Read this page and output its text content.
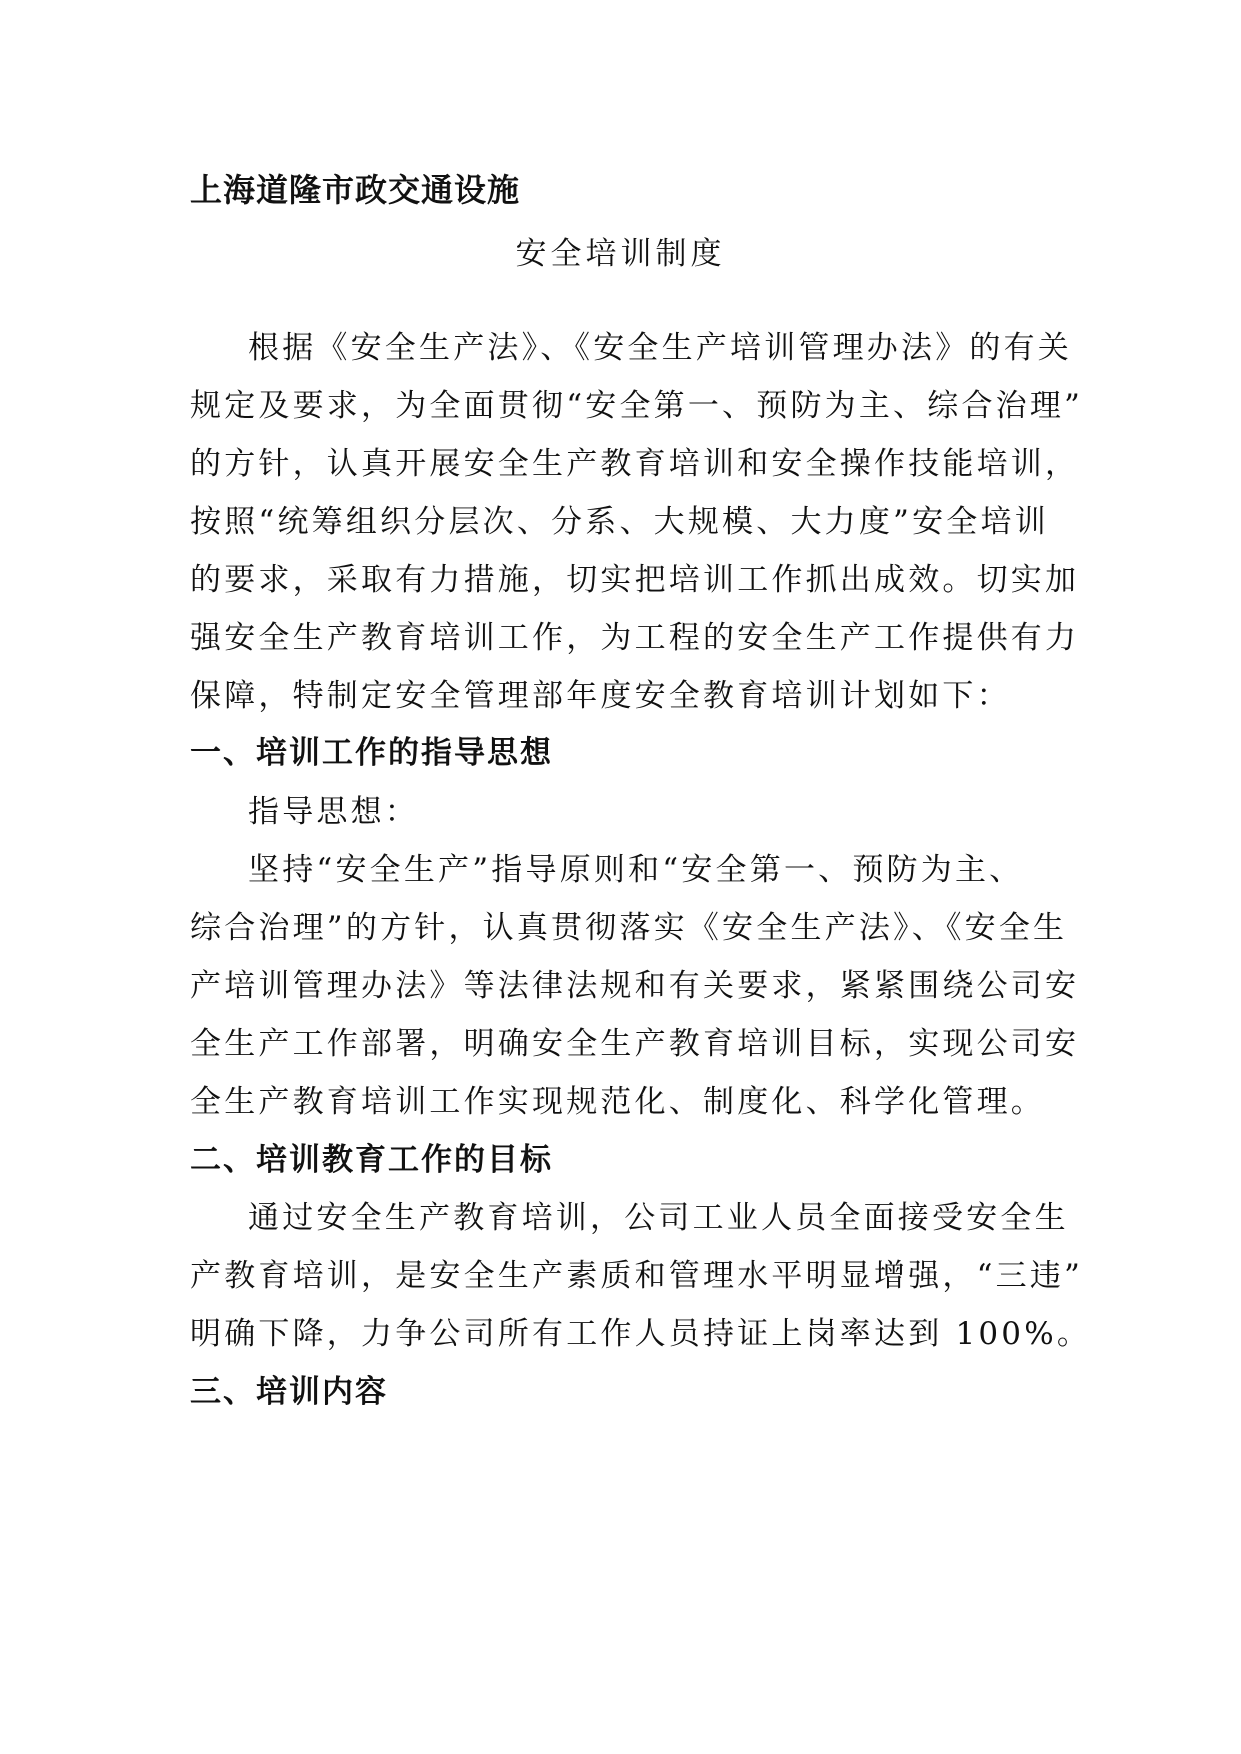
上海道隆市政交通设施
安全培训制度
根据《安全生产法》、《安全生产培训管理办法》的有关
规定及要求，为全面贯彻“安全第一、预防为主、综合治理”
的方针，认真开展安全生产教育培训和安全操作技能培训，
按照“统筹组织分层次、分系、大规模、大力度”安全培训
的要求，采取有力措施，切实把培训工作抓出成效。切实加
强安全生产教育培训工作，为工程的安全生产工作提供有力
保障，特制定安全管理部年度安全教育培训计划如下：
一、培训工作的指导思想
指导思想：
坚持“安全生产”指导原则和“安全第一、预防为主、
综合治理”的方针，认真贯彻落实《安全生产法》、《安全生
产培训管理办法》等法律法规和有关要求，紧紧围绕公司安
全生产工作部署，明确安全生产教育培训目标，实现公司安
全生产教育培训工作实现规范化、制度化、科学化管理。
二、培训教育工作的目标
通过安全生产教育培训，公司工业人员全面接受安全生
产教育培训，是安全生产素质和管理水平明显增强，“三违”
明确下降，力争公司所有工作人员持证上岗率达到 100%。
三、培训内容
